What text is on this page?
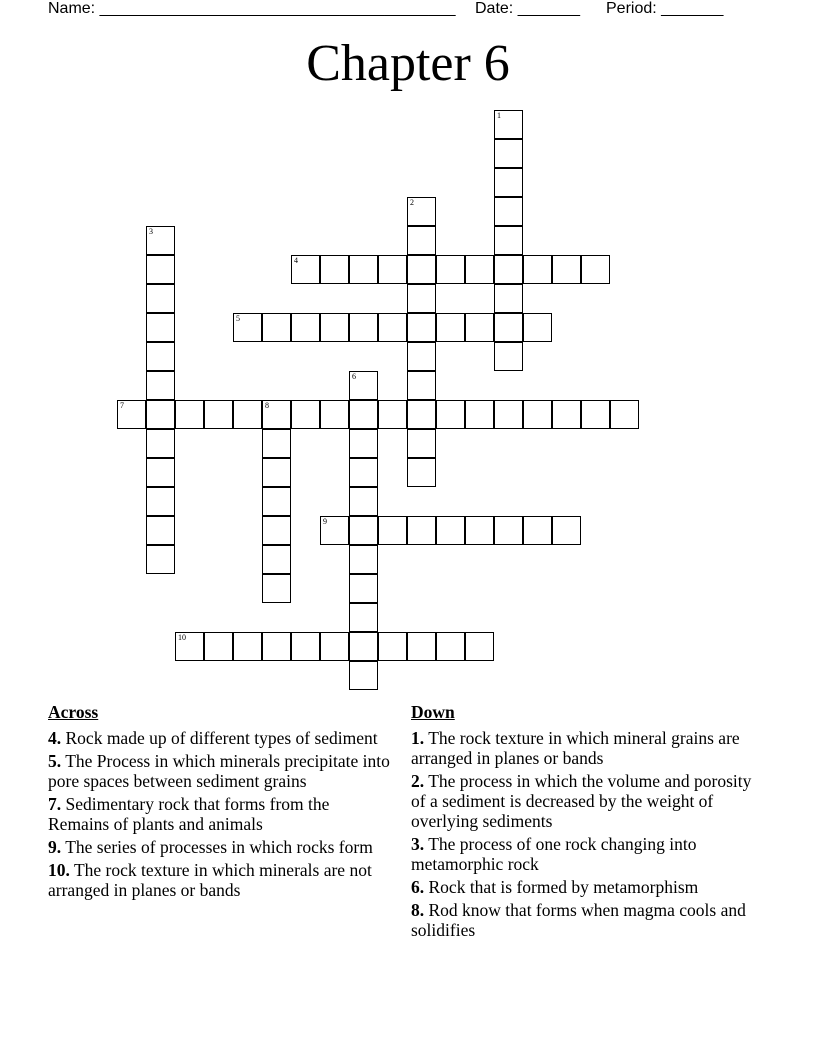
Name: ________________________________________ Date: _______ Period: _______
Chapter 6
1
2
3
4
5
6
7	8
9
10
Across
4. Rock made up of different types of sediment
5. The Process in which minerals precipitate into pore spaces between sediment grains
7. Sedimentary rock that forms from the Remains of plants and animals
9. The series of processes in which rocks form
10. The rock texture in which minerals are not arranged in planes or bands
Down
1. The rock texture in which mineral grains are arranged in planes or bands
2. The process in which the volume and porosity of a sediment is decreased by the weight of overlying sediments
3. The process of one rock changing into metamorphic rock
6. Rock that is formed by metamorphism
8. Rod know that forms when magma cools and solidifies
